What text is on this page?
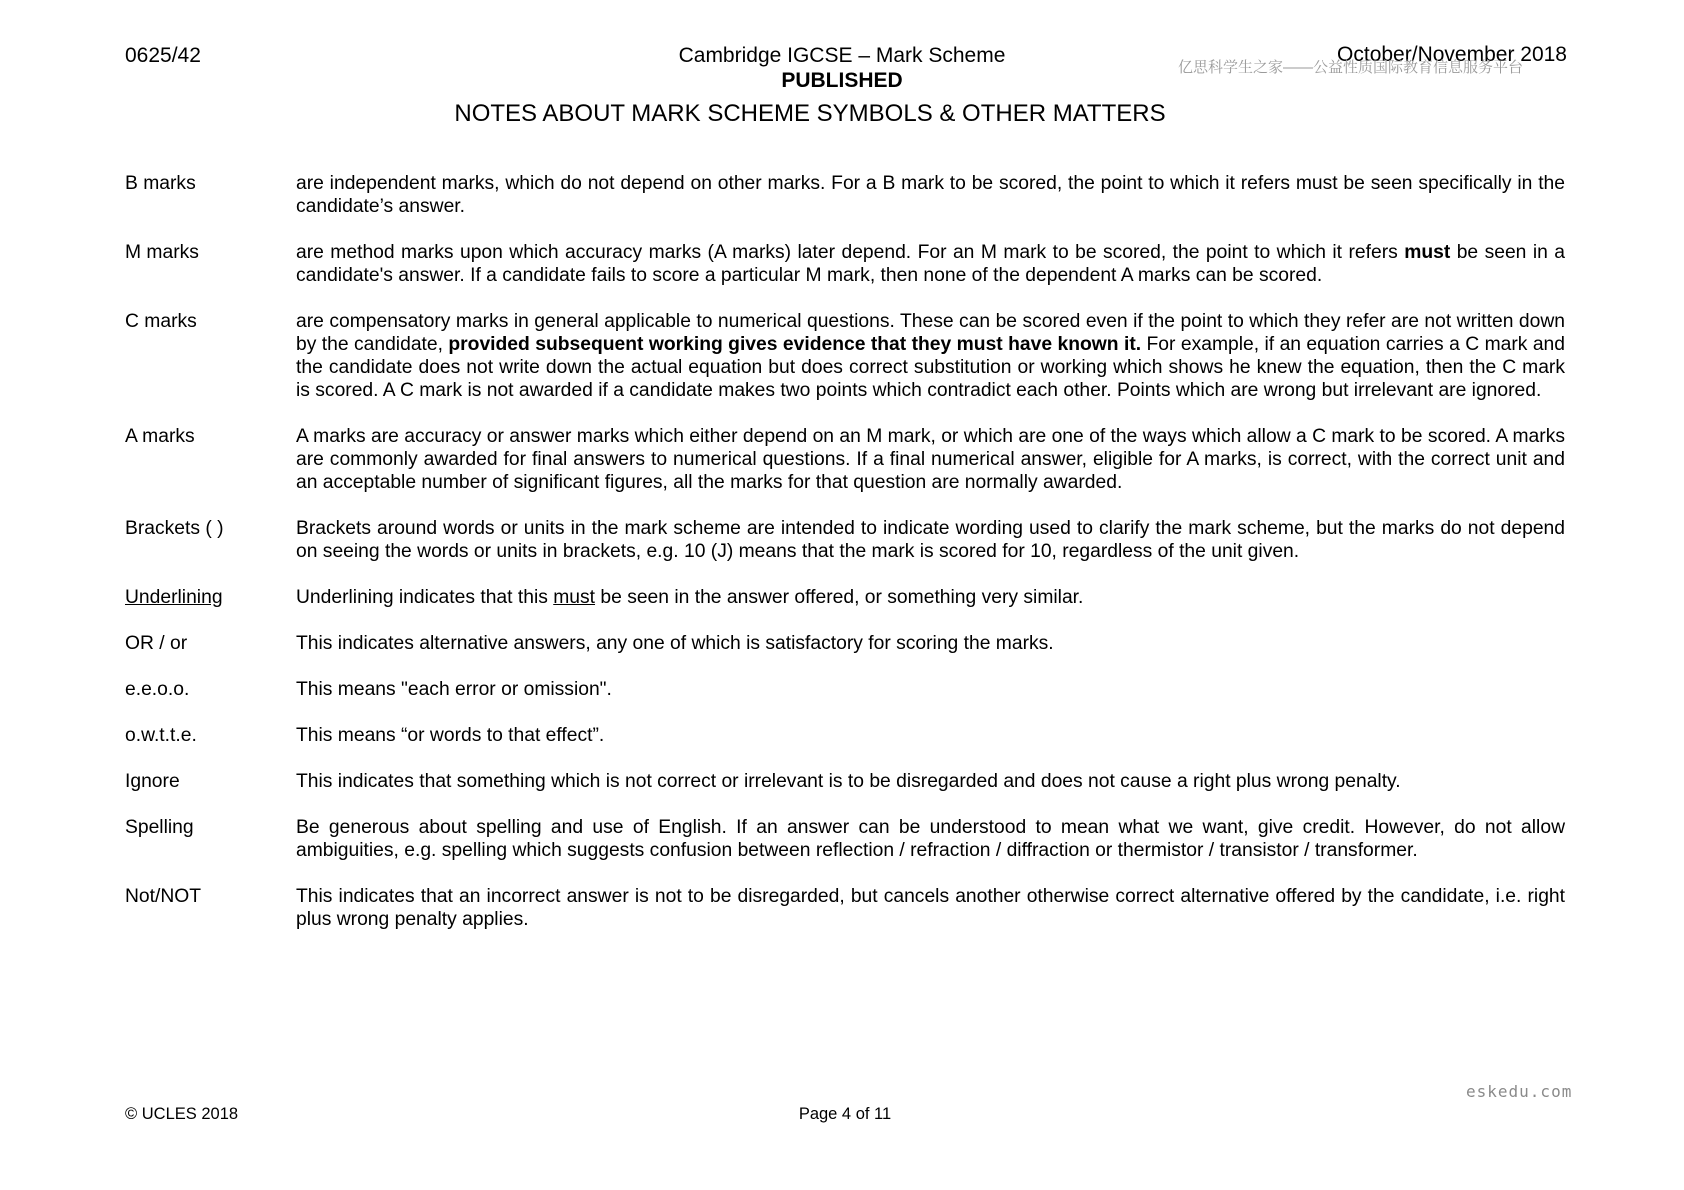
0625/42	Cambridge IGCSE – Mark Scheme
PUBLISHED
October/November 2018
亿思科学生之家——公益性质国际教育信息服务平台
NOTES ABOUT MARK SCHEME SYMBOLS & OTHER MATTERS
B marks	are independent marks, which do not depend on other marks. For a B mark to be scored, the point to which it refers must be seen specifically in the candidate’s answer.
M marks	are method marks upon which accuracy marks (A marks) later depend. For an M mark to be scored, the point to which it refers must be seen in a candidate's answer. If a candidate fails to score a particular M mark, then none of the dependent A marks can be scored.
C marks	are compensatory marks in general applicable to numerical questions. These can be scored even if the point to which they refer are not written down by the candidate, provided subsequent working gives evidence that they must have known it. For example, if an equation carries a C mark and the candidate does not write down the actual equation but does correct substitution or working which shows he knew the equation, then the C mark is scored. A C mark is not awarded if a candidate makes two points which contradict each other. Points which are wrong but irrelevant are ignored.
A marks	A marks are accuracy or answer marks which either depend on an M mark, or which are one of the ways which allow a C mark to be scored. A marks are commonly awarded for final answers to numerical questions. If a final numerical answer, eligible for A marks, is correct, with the correct unit and an acceptable number of significant figures, all the marks for that question are normally awarded.
Brackets ( )	Brackets around words or units in the mark scheme are intended to indicate wording used to clarify the mark scheme, but the marks do not depend on seeing the words or units in brackets, e.g. 10 (J) means that the mark is scored for 10, regardless of the unit given.
Underlining	Underlining indicates that this must be seen in the answer offered, or something very similar.
OR / or	This indicates alternative answers, any one of which is satisfactory for scoring the marks.
e.e.o.o.	This means "each error or omission".
o.w.t.t.e.	This means “or words to that effect”.
Ignore	This indicates that something which is not correct or irrelevant is to be disregarded and does not cause a right plus wrong penalty.
Spelling	Be generous about spelling and use of English. If an answer can be understood to mean what we want, give credit. However, do not allow ambiguities, e.g. spelling which suggests confusion between reflection / refraction / diffraction or thermistor / transistor / transformer.
Not/NOT	This indicates that an incorrect answer is not to be disregarded, but cancels another otherwise correct alternative offered by the candidate, i.e. right plus wrong penalty applies.
eskedu.com
© UCLES 2018	Page 4 of 11
